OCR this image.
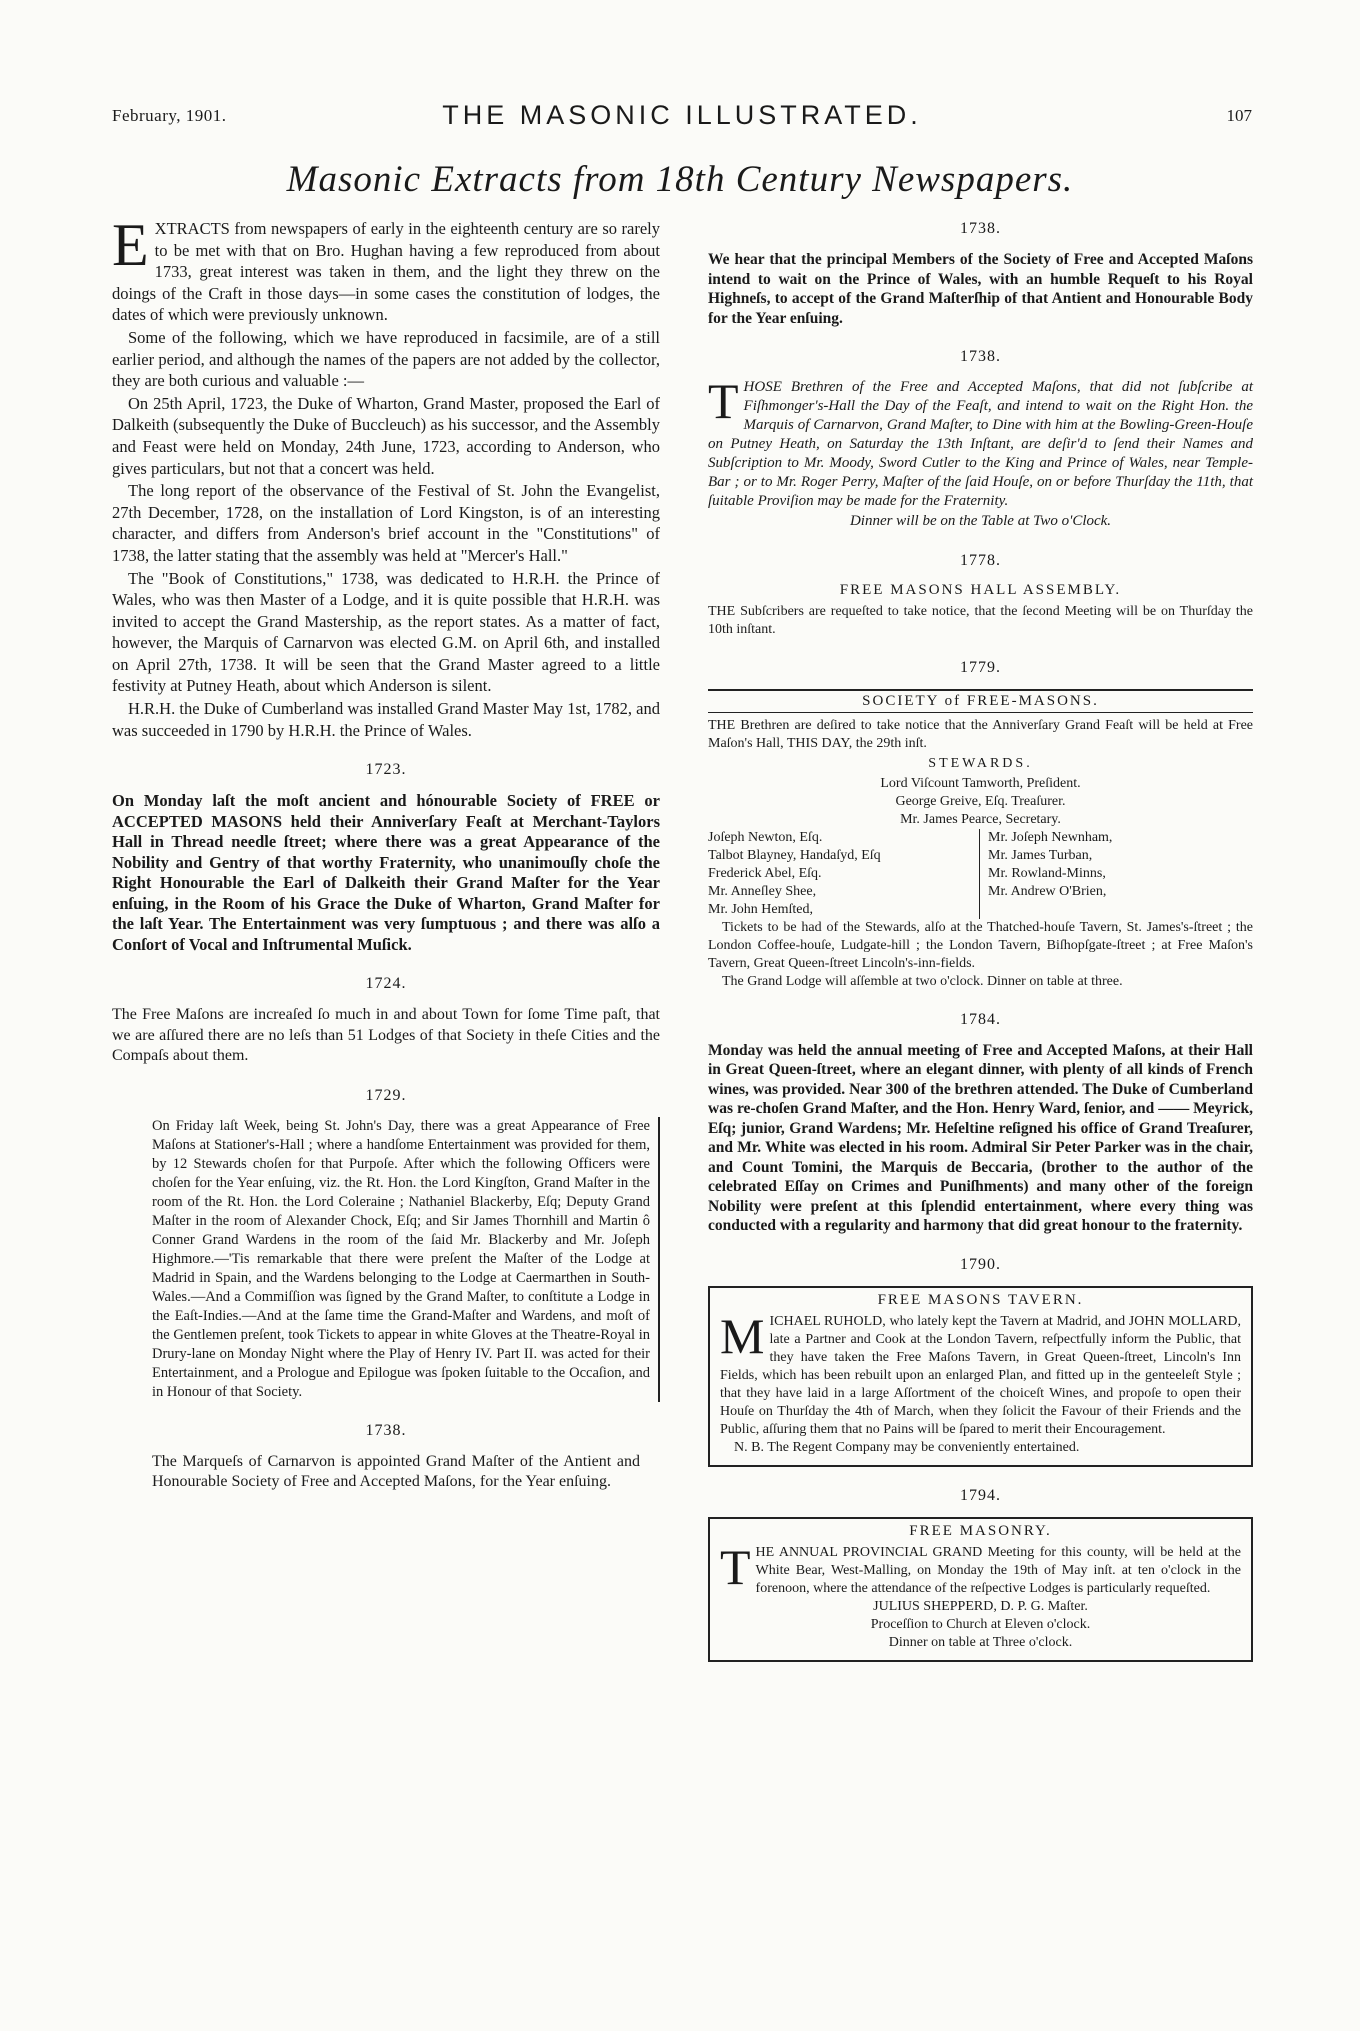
February, 1901.	THE MASONIC ILLUSTRATED.	107
Masonic Extracts from 18th Century Newspapers.

EXTRACTS from newspapers of early in the eighteenth century are so rarely to be met with that on Bro. Hughan having a few reproduced from about 1733, great interest was taken in them, and the light they threw on the doings of the Craft in those days—in some cases the constitution of lodges, the dates of which were previously unknown.

Some of the following, which we have reproduced in facsimile, are of a still earlier period, and although the names of the papers are not added by the collector, they are both curious and valuable :—

On 25th April, 1723, the Duke of Wharton, Grand Master, proposed the Earl of Dalkeith (subsequently the Duke of Buccleuch) as his successor, and the Assembly and Feast were held on Monday, 24th June, 1723, according to Anderson, who gives particulars, but not that a concert was held.

The long report of the observance of the Festival of St. John the Evangelist, 27th December, 1728, on the installation of Lord Kingston, is of an interesting character, and differs from Anderson's brief account in the "Constitutions" of 1738, the latter stating that the assembly was held at "Mercer's Hall."

The "Book of Constitutions," 1738, was dedicated to H.R.H. the Prince of Wales, who was then Master of a Lodge, and it is quite possible that H.R.H. was invited to accept the Grand Mastership, as the report states. As a matter of fact, however, the Marquis of Carnarvon was elected G.M. on April 6th, and installed on April 27th, 1738. It will be seen that the Grand Master agreed to a little festivity at Putney Heath, about which Anderson is silent.

H.R.H. the Duke of Cumberland was installed Grand Master May 1st, 1782, and was succeeded in 1790 by H.R.H. the Prince of Wales.

1723.

On Monday laſt the moſt ancient and hónourable Society of FREE or ACCEPTED MASONS held their Anniverſary Feaſt at Merchant-Taylors Hall in Thread needle ſtreet; where there was a great Appearance of the Nobility and Gentry of that worthy Fraternity, who unanimouſly choſe the Right Honourable the Earl of Dalkeith their Grand Maſter for the Year enſuing, in the Room of his Grace the Duke of Wharton, Grand Maſter for the laſt Year. The Entertainment was very ſumptuous ; and there was alſo a Conſort of Vocal and Inſtrumental Muſick.

1724.

The Free Maſons are increaſed ſo much in and about Town for ſome Time paſt, that we are aſſured there are no leſs than 51 Lodges of that Society in theſe Cities and the Compaſs about them.

1729.

On Friday laſt Week, being St. John's Day, there was a great Appearance of Free Maſons at Stationer's-Hall ; where a handſome Entertainment was provided for them, by 12 Stewards choſen for that Purpoſe. After which the following Officers were choſen for the Year enſuing, viz. the Rt. Hon. the Lord Kingſton, Grand Maſter in the room of the Rt. Hon. the Lord Coleraine ; Nathaniel Blackerby, Eſq; Deputy Grand Maſter in the room of Alexander Chock, Eſq; and Sir James Thornhill and Martin ô Conner Grand Wardens in the room of the ſaid Mr. Blackerby and Mr. Joſeph Highmore.—'Tis remarkable that there were preſent the Maſter of the Lodge at Madrid in Spain, and the Wardens belonging to the Lodge at Caermarthen in South-Wales.—And a Commiſſion was ſigned by the Grand Maſter, to conſtitute a Lodge in the Eaſt-Indies.—And at the ſame time the Grand-Maſter and Wardens, and moſt of the Gentlemen preſent, took Tickets to appear in white Gloves at the Theatre-Royal in Drury-lane on Monday Night where the Play of Henry IV. Part II. was acted for their Entertainment, and a Prologue and Epilogue was ſpoken ſuitable to the Occaſion, and in Honour of that Society.

1738.

The Marqueſs of Carnarvon is appointed Grand Maſter of the Antient and Honourable Society of Free and Accepted Maſons, for the Year enſuing.

1738.

We hear that the principal Members of the Society of Free and Accepted Maſons intend to wait on the Prince of Wales, with an humble Requeſt to his Royal Highneſs, to accept of the Grand Maſterſhip of that Antient and Honourable Body for the Year enſuing.

1738.

THOSE Brethren of the Free and Accepted Maſons, that did not ſubſcribe at Fiſhmonger's-Hall the Day of the Feaſt, and intend to wait on the Right Hon. the Marquis of Carnarvon, Grand Maſter, to Dine with him at the Bowling-Green-Houſe on Putney Heath, on Saturday the 13th Inſtant, are deſir'd to ſend their Names and Subſcription to Mr. Moody, Sword Cutler to the King and Prince of Wales, near Temple-Bar ; or to Mr. Roger Perry, Maſter of the ſaid Houſe, on or before Thurſday the 11th, that ſuitable Proviſion may be made for the Fraternity.

Dinner will be on the Table at Two o'Clock.

1778.
FREE MASONS HALL ASSEMBLY.

THE Subſcribers are requeſted to take notice, that the ſecond Meeting will be on Thurſday the 10th inſtant.

1779.
SOCIETY of FREE-MASONS.

THE Brethren are deſired to take notice that the Anniverſary Grand Feaſt will be held at Free Maſon's Hall, THIS DAY, the 29th inſt.

STEWARDS.

Lord Viſcount Tamworth, Preſident.

George Greive, Eſq. Treaſurer.

Mr. James Pearce, Secretary.

Joſeph Newton, Eſq.
Talbot Blayney, Handaſyd, Eſq
Frederick Abel, Eſq.
Mr. Anneſley Shee,
Mr. John Hemſted,
Mr. Joſeph Newnham,
Mr. James Turban,
Mr. Rowland-Minns,
Mr. Andrew O'Brien,

Tickets to be had of the Stewards, alſo at the Thatched-houſe Tavern, St. James's-ſtreet ; the London Coffee-houſe, Ludgate-hill ; the London Tavern, Biſhopſgate-ſtreet ; at Free Maſon's Tavern, Great Queen-ſtreet Lincoln's-inn-fields.

The Grand Lodge will aſſemble at two o'clock. Dinner on table at three.

1784.

Monday was held the annual meeting of Free and Accepted Maſons, at their Hall in Great Queen-ſtreet, where an elegant dinner, with plenty of all kinds of French wines, was provided. Near 300 of the brethren attended. The Duke of Cumberland was re-choſen Grand Maſter, and the Hon. Henry Ward, ſenior, and —— Meyrick, Eſq; junior, Grand Wardens; Mr. Heſeltine reſigned his office of Grand Treaſurer, and Mr. White was elected in his room. Admiral Sir Peter Parker was in the chair, and Count Tomini, the Marquis de Beccaria, (brother to the author of the celebrated Eſſay on Crimes and Puniſhments) and many other of the foreign Nobility were preſent at this ſplendid entertainment, where every thing was conducted with a regularity and harmony that did great honour to the fraternity.

1790.
FREE MASONS TAVERN.

MICHAEL RUHOLD, who lately kept the Tavern at Madrid, and JOHN MOLLARD, late a Partner and Cook at the London Tavern, reſpectfully inform the Public, that they have taken the Free Maſons Tavern, in Great Queen-ſtreet, Lincoln's Inn Fields, which has been rebuilt upon an enlarged Plan, and fitted up in the genteeleſt Style ; that they have laid in a large Aſſortment of the choiceſt Wines, and propoſe to open their Houſe on Thurſday the 4th of March, when they ſolicit the Favour of their Friends and the Public, aſſuring them that no Pains will be ſpared to merit their Encouragement.

N. B. The Regent Company may be conveniently entertained.

1794.
FREE MASONRY.

THE ANNUAL PROVINCIAL GRAND Meeting for this county, will be held at the White Bear, West-Malling, on Monday the 19th of May inſt. at ten o'clock in the forenoon, where the attendance of the reſpective Lodges is particularly requeſted.

JULIUS SHEPPERD, D. P. G. Maſter.

Proceſſion to Church at Eleven o'clock.

Dinner on table at Three o'clock.
